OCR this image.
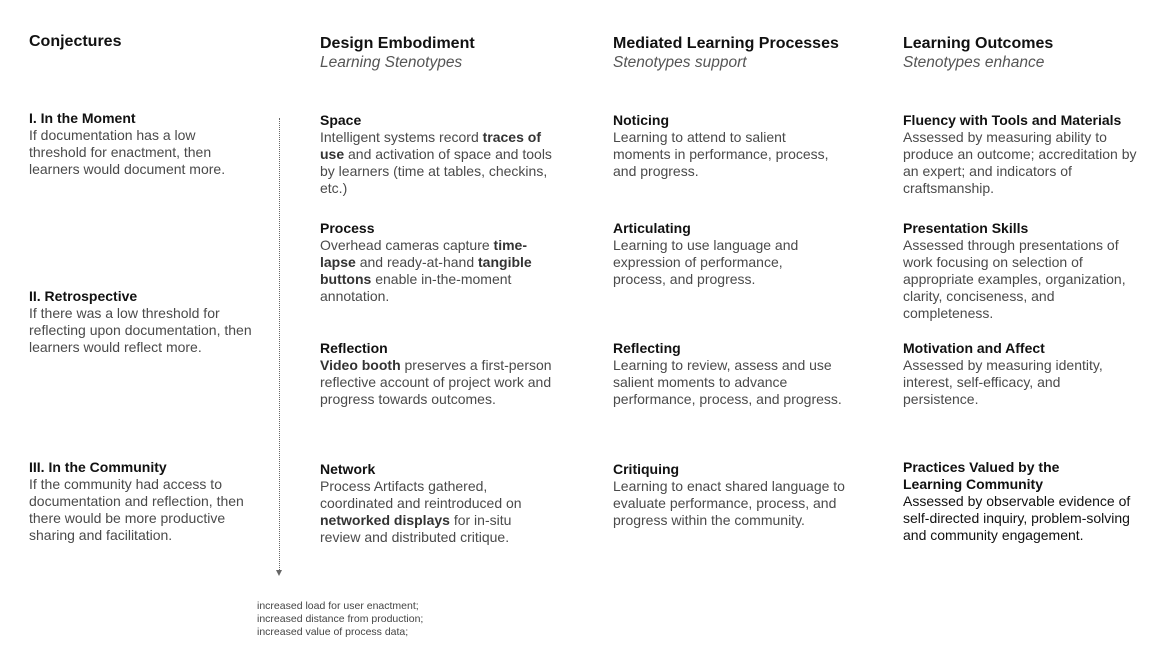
Conjectures	Design Embodiment
Learning Stenotypes
Mediated Learning Processes
Stenotypes support
Learning Outcomes
Stenotypes enhance
I. In the Moment
If documentation has a low threshold for enactment, then learners would document more.
II. Retrospective
If there was a low threshold for reflecting upon documentation, then learners would reflect more.
III. In the Community
If the community had access to documentation and reflection, then there would be more productive sharing and facilitation.
Space
Intelligent systems record traces of use and activation of space and tools by learners (time at tables, checkins, etc.)
Process
Overhead cameras capture time-lapse and ready-at-hand tangible buttons enable in-the-moment annotation.
Reflection
Video booth preserves a first-person reflective account of project work and progress towards outcomes.
Network
Process Artifacts gathered, coordinated and reintroduced on networked displays for in-situ review and distributed critique.
Noticing
Learning to attend to salient moments in performance, process, and progress.
Articulating
Learning to use language and expression of performance, process, and progress.
Reflecting
Learning to review, assess and use salient moments to advance performance, process, and progress.
Critiquing
Learning to enact shared language to evaluate performance, process, and progress within the community.
Fluency with Tools and Materials
Assessed by measuring ability to produce an outcome; accreditation by an expert; and indicators of craftsmanship.
Presentation Skills
Assessed through presentations of work focusing on selection of appropriate examples, organization, clarity, conciseness, and completeness.
Motivation and Affect
Assessed by measuring identity, interest, self-efficacy, and persistence.
Practices Valued by the Learning Community
Assessed by observable evidence of self-directed inquiry, problem-solving and community engagement.
increased load for user enactment;
increased distance from production;
increased value of process data;
